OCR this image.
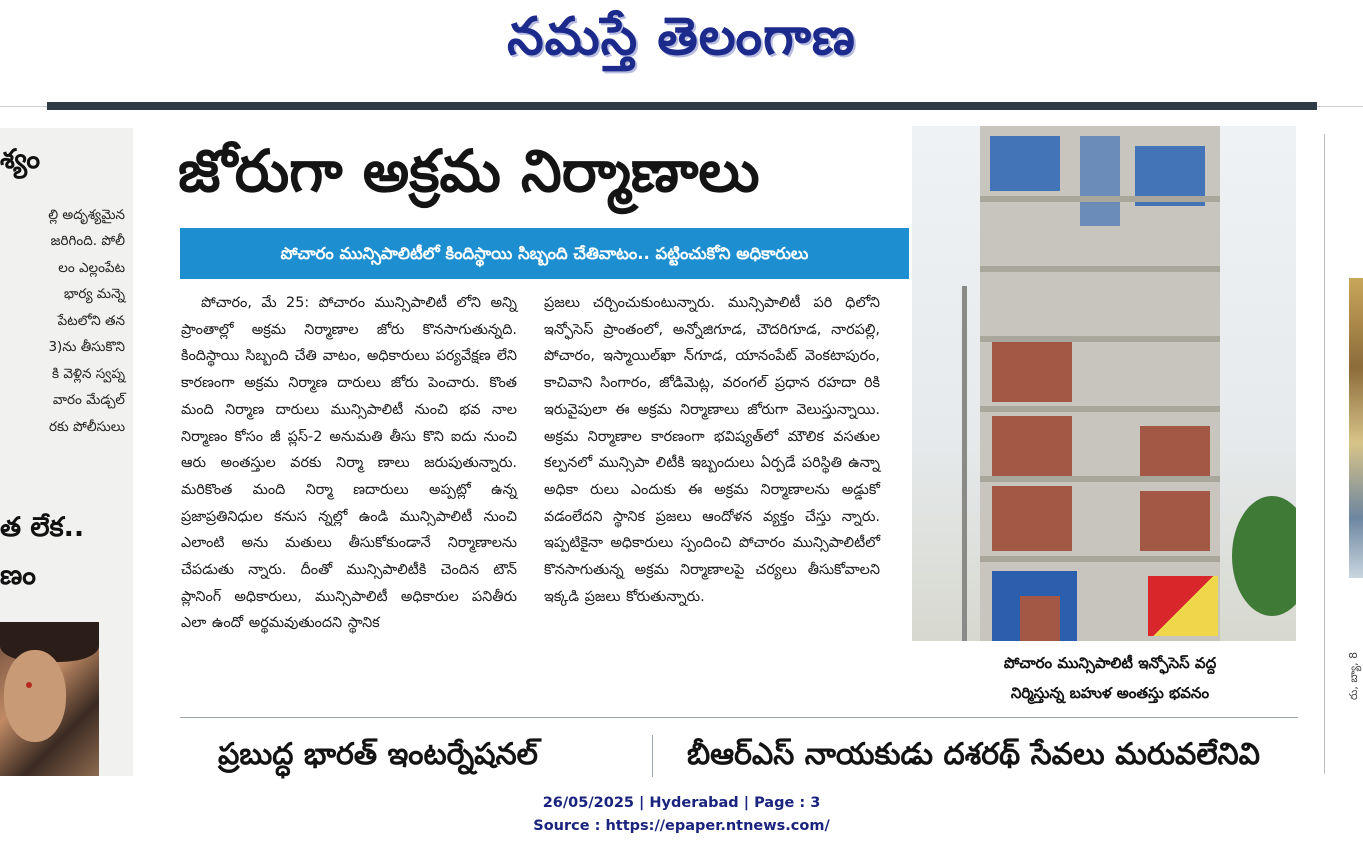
నమస్తే తెలంగాణ
శ్యం
ల్లి అదృశ్యమైన
జరిగింది. పోలీ
లం ఎల్లంపేట
భార్య మన్నె
పేటలోని తన
3)ను తీసుకొని
కి వెళ్లిన స్వప్న
వారం మేడ్చల్
రకు పోలీసులు
త లేక..
ణం
జోరుగా అక్రమ నిర్మాణాలు
పోచారం మున్సిపాలిటీలో కిందిస్థాయి సిబ్బంది చేతివాటం.. పట్టించుకోని అధికారులు
పోచారం, మే 25: పోచారం మున్సిపాలిటీ లోని అన్ని ప్రాంతాల్లో అక్రమ నిర్మాణాల జోరు కొనసాగుతున్నది. కిందిస్థాయి సిబ్బంది చేతి వాటం, అధికారులు పర్యవేక్షణ లేని కారణంగా అక్రమ నిర్మాణ దారులు జోరు పెంచారు. కొంత మంది నిర్మాణ దారులు మున్సిపాలిటీ నుంచి భవ నాల నిర్మాణం కోసం జీ ప్లస్-2 అనుమతి తీసు కొని ఐదు నుంచి ఆరు అంతస్తుల వరకు నిర్మా ణాలు జరుపుతున్నారు. మరికొంత మంది నిర్మా ణదారులు అప్పట్లో ఉన్న ప్రజాప్రతినిధుల కనుస న్నల్లో ఉండి మున్సిపాలిటీ నుంచి ఎలాంటి అను మతులు తీసుకోకుండానే నిర్మాణాలను చేపడుతు న్నారు. దీంతో మున్సిపాలిటీకి చెందిన టౌన్ ప్లానింగ్ అధికారులు, మున్సిపాలిటీ అధికారుల పనితీరు ఎలా ఉందో అర్థమవుతుందని స్థానిక
ప్రజలు చర్చించుకుంటున్నారు. మున్సిపాలిటీ పరి ధిలోని ఇన్ఫోసెస్ ప్రాంతంలో, అన్నోజిగూడ, చౌదరిగూడ, నారపల్లి, పోచారం, ఇస్మాయిల్‌ఖా న్‌గూడ, యానంపేట్ వెంకటాపురం, కాచివాని సింగారం, జోడిమెట్ల, వరంగల్ ప్రధాన రహదా రికి ఇరువైపులా ఈ అక్రమ నిర్మాణాలు జోరుగా వెలుస్తున్నాయి. అక్రమ నిర్మాణాల కారణంగా భవిష్యత్‌లో మౌలిక వసతుల కల్పనలో మున్సిపా లిటీకి ఇబ్బందులు ఏర్పడే పరిస్థితి ఉన్నా అధికా రులు ఎందుకు ఈ అక్రమ నిర్మాణాలను అడ్డుకో వడంలేదని స్థానిక ప్రజలు ఆందోళన వ్యక్తం చేస్తు న్నారు. ఇప్పటికైనా అధికారులు స్పందించి పోచారం మున్సిపాలిటీలో కొనసాగుతున్న అక్రమ నిర్మాణాలపై చర్యలు తీసుకోవాలని ఇక్కడి ప్రజలు కోరుతున్నారు.
పోచారం మున్సిపాలిటీ ఇన్ఫోసెస్ వద్ద
నిర్మిస్తున్న బహుళ అంతస్తు భవనం
ప్రబుద్ధ భారత్ ఇంటర్నేషనల్	బీఆర్‌ఎస్ నాయకుడు దశరథ్ సేవలు మరువలేనివి
రు, బ్యా, 8
26/05/2025 | Hyderabad | Page : 3
Source : https://epaper.ntnews.com/
